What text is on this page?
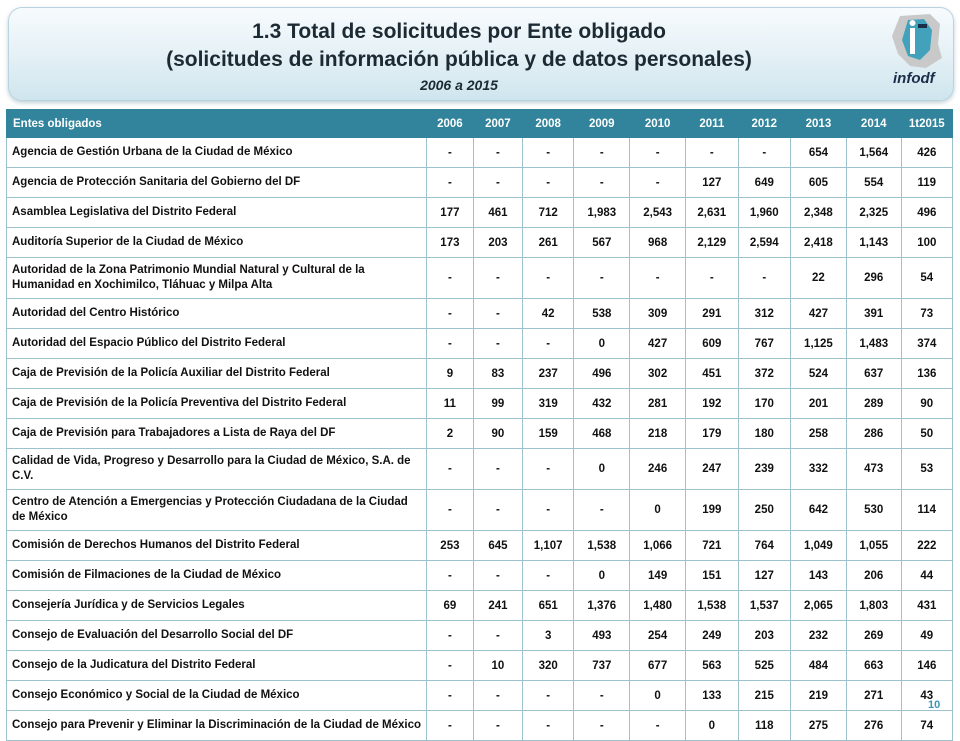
1.3 Total de solicitudes por Ente obligado

(solicitudes de información pública y de datos personales)

2006 a 2015	infodf
Entes obligados	2006	2007	2008	2009	2010	2011	2012	2013	2014	1t2015
Agencia de Gestión Urbana de la Ciudad de México	-	-	-	-	-	-	-	654	1,564	426
Agencia de Protección Sanitaria del Gobierno del DF	-	-	-	-	-	127	649	605	554	119
Asamblea Legislativa del Distrito Federal	177	461	712	1,983	2,543	2,631	1,960	2,348	2,325	496
Auditoría Superior de la Ciudad de México	173	203	261	567	968	2,129	2,594	2,418	1,143	100
Autoridad de la Zona Patrimonio Mundial Natural y Cultural de la Humanidad en Xochimilco, Tláhuac y Milpa Alta	-	-	-	-	-	-	-	22	296	54
Autoridad del Centro Histórico	-	-	42	538	309	291	312	427	391	73
Autoridad del Espacio Público del Distrito Federal	-	-	-	0	427	609	767	1,125	1,483	374
Caja de Previsión de la Policía Auxiliar del Distrito Federal	9	83	237	496	302	451	372	524	637	136
Caja de Previsión de la Policía Preventiva del Distrito Federal	11	99	319	432	281	192	170	201	289	90
Caja de Previsión para Trabajadores a Lista de Raya del DF	2	90	159	468	218	179	180	258	286	50
Calidad de Vida, Progreso y Desarrollo para la Ciudad de México, S.A. de C.V.	-	-	-	0	246	247	239	332	473	53
Centro de Atención a Emergencias y Protección Ciudadana de la Ciudad de México	-	-	-	-	0	199	250	642	530	114
Comisión de Derechos Humanos del Distrito Federal	253	645	1,107	1,538	1,066	721	764	1,049	1,055	222
Comisión de Filmaciones de la Ciudad de México	-	-	-	0	149	151	127	143	206	44
Consejería Jurídica y de Servicios Legales	69	241	651	1,376	1,480	1,538	1,537	2,065	1,803	431
Consejo de Evaluación del Desarrollo Social del DF	-	-	3	493	254	249	203	232	269	49
Consejo de la Judicatura del Distrito Federal	-	10	320	737	677	563	525	484	663	146
Consejo Económico y Social de la Ciudad de México	-	-	-	-	0	133	215	219	271	43
Consejo para Prevenir y Eliminar la Discriminación de la Ciudad de México	-	-	-	-	-	0	118	275	276	74
10
